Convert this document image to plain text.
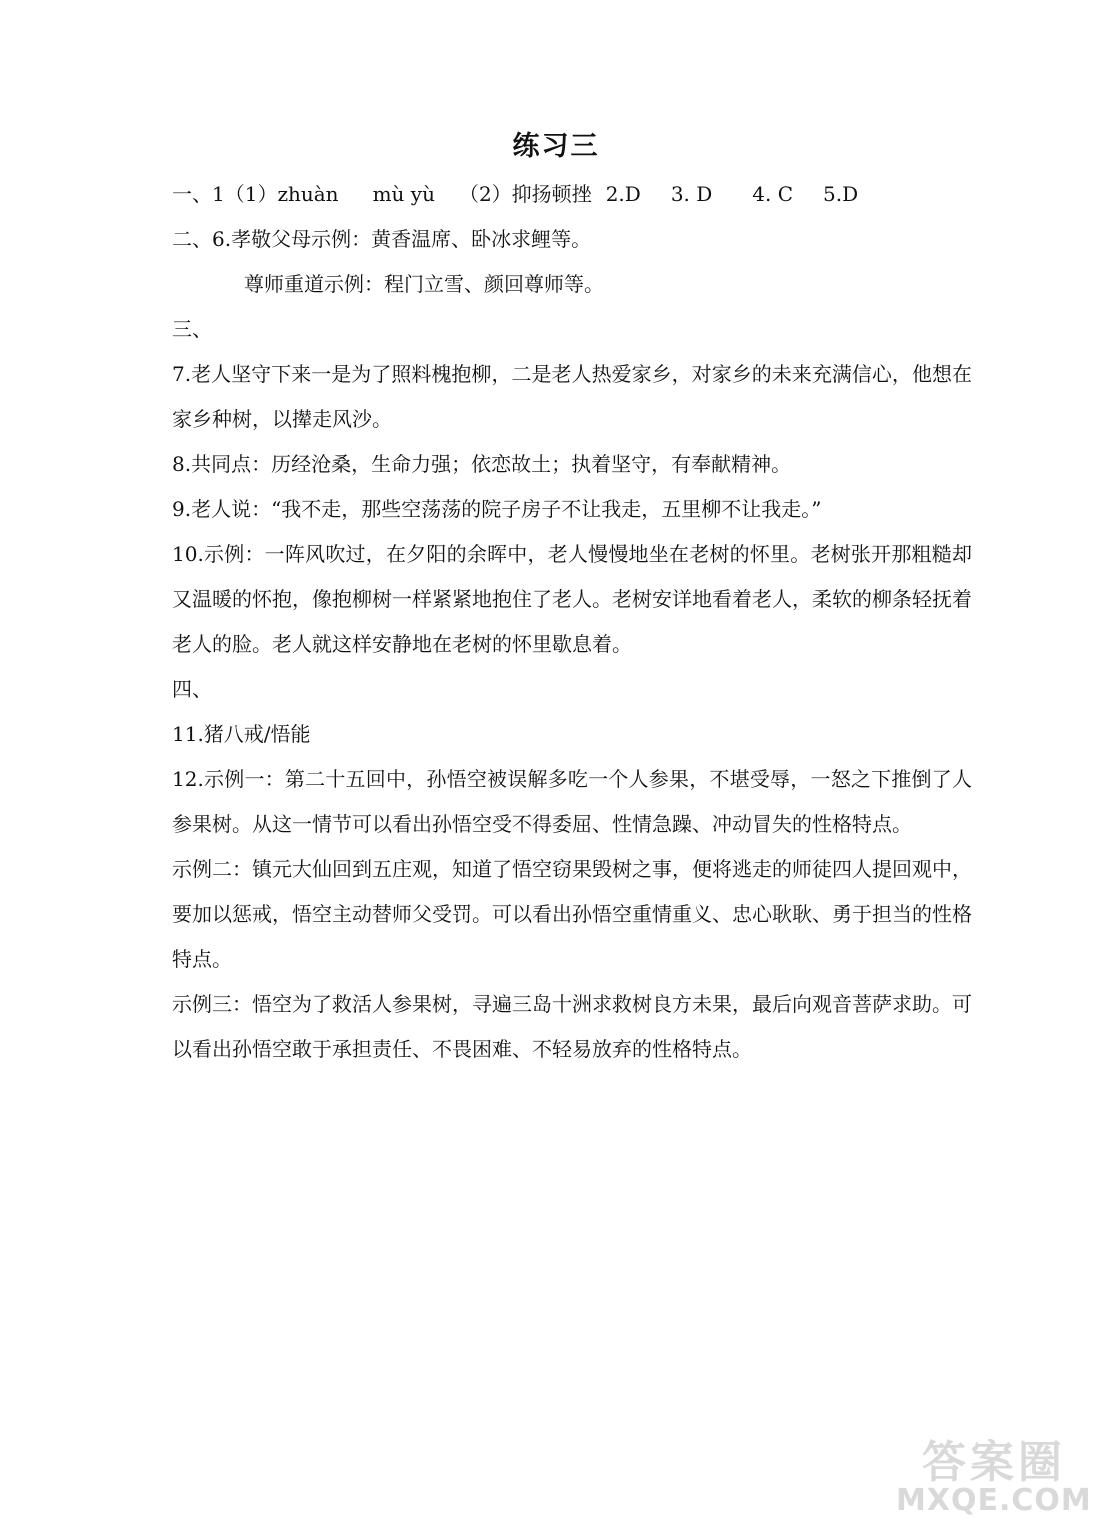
练习三
一、1（1）zhuàn mù yù （2）抑扬顿挫 2.D 3. D 4. C 5.D
二、6.孝敬父母示例：黄香温席、卧冰求鲤等。
尊师重道示例：程门立雪、颜回尊师等。
三、
7.老人坚守下来一是为了照料槐抱柳，二是老人热爱家乡，对家乡的未来充满信心，他想在家乡种树，以撵走风沙。
8.共同点：历经沧桑，生命力强；依恋故土；执着坚守，有奉献精神。
9.老人说：“我不走，那些空荡荡的院子房子不让我走，五里柳不让我走。”
10.示例：一阵风吹过，在夕阳的余晖中，老人慢慢地坐在老树的怀里。老树张开那粗糙却又温暖的怀抱，像抱柳树一样紧紧地抱住了老人。老树安详地看着老人，柔软的柳条轻抚着老人的脸。老人就这样安静地在老树的怀里歇息着。
四、
11.猪八戒/悟能
12.示例一：第二十五回中，孙悟空被误解多吃一个人参果，不堪受辱，一怒之下推倒了人参果树。从这一情节可以看出孙悟空受不得委屈、性情急躁、冲动冒失的性格特点。
示例二：镇元大仙回到五庄观，知道了悟空窃果毁树之事，便将逃走的师徒四人提回观中，要加以惩戒，悟空主动替师父受罚。可以看出孙悟空重情重义、忠心耿耿、勇于担当的性格特点。
示例三：悟空为了救活人参果树，寻遍三岛十洲求救树良方未果，最后向观音菩萨求助。可以看出孙悟空敢于承担责任、不畏困难、不轻易放弃的性格特点。
答案圈
MXQE.COM
